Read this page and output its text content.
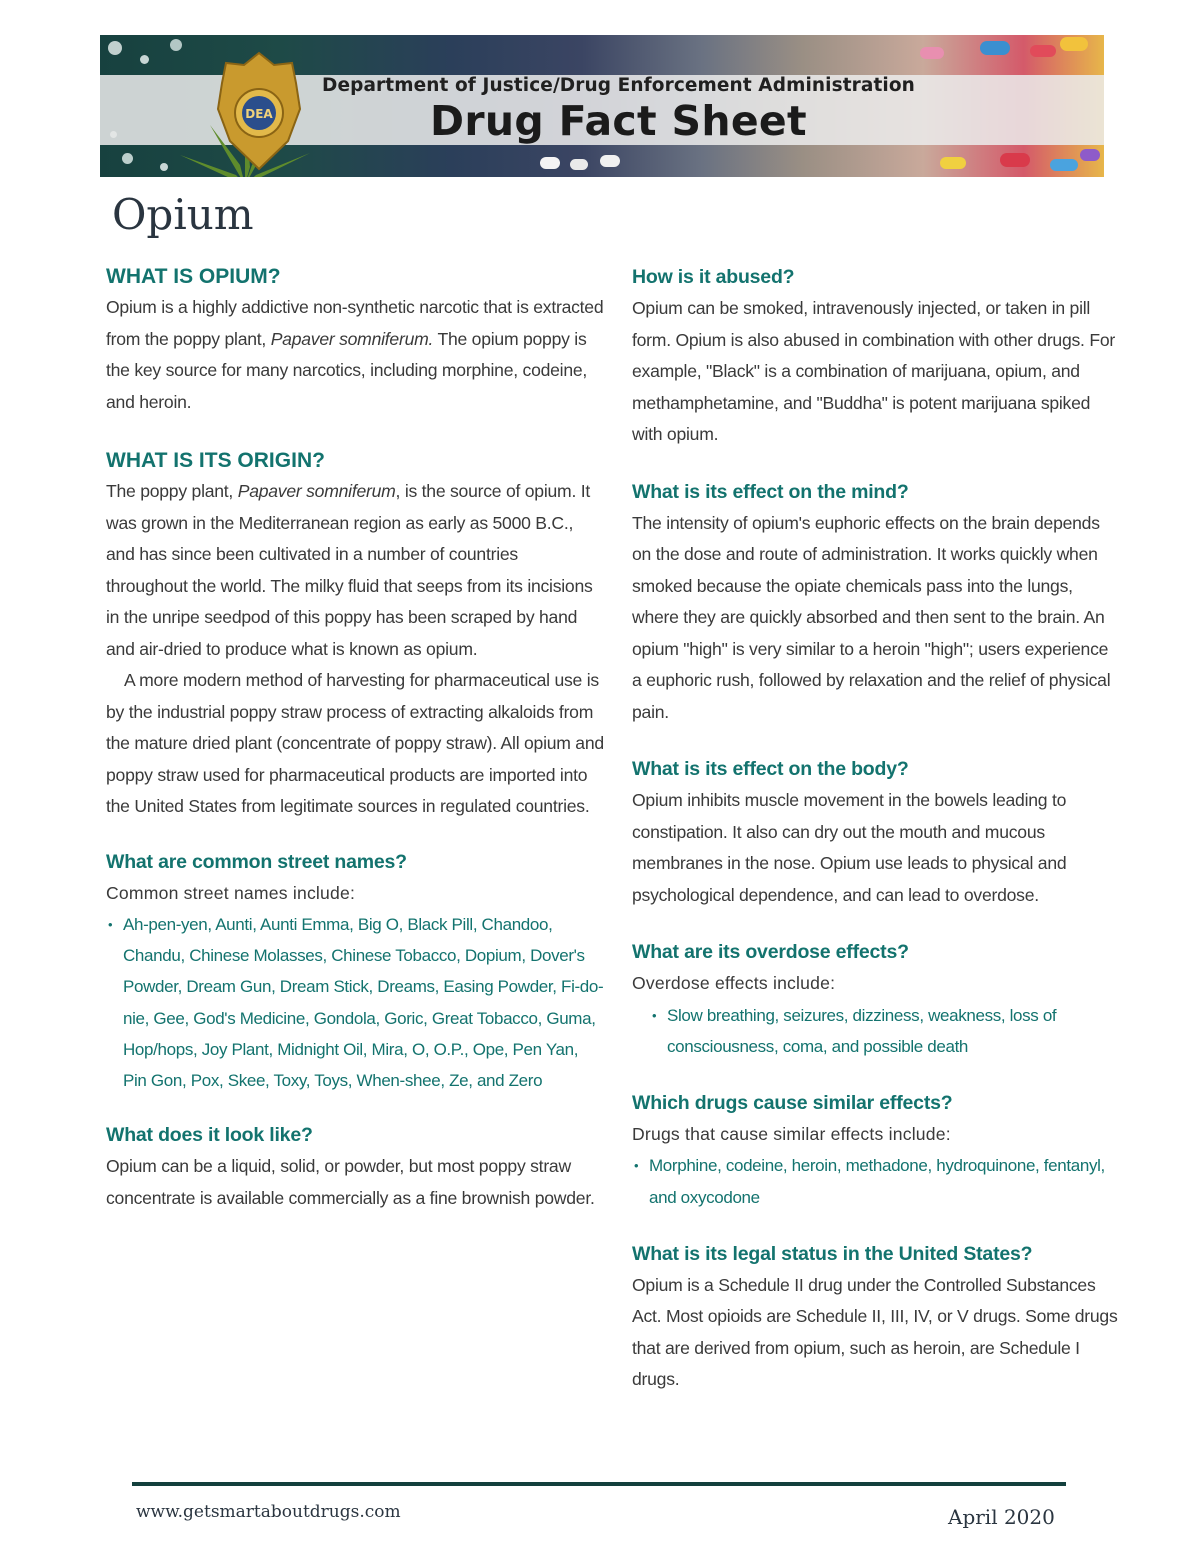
DEA
Department of Justice/Drug Enforcement Administration
Drug Fact Sheet
Opium
WHAT IS OPIUM?

Opium is a highly addictive non-synthetic narcotic that is extracted from the poppy plant, Papaver somniferum. The opium poppy is the key source for many narcotics, including morphine, codeine, and heroin.

WHAT IS ITS ORIGIN?

The poppy plant, Papaver somniferum, is the source of opium. It was grown in the Mediterranean region as early as 5000 B.C., and has since been cultivated in a number of countries throughout the world. The milky fluid that seeps from its incisions in the unripe seedpod of this poppy has been scraped by hand and air-dried to produce what is known as opium.

A more modern method of harvesting for pharmaceutical use is by the industrial poppy straw process of extracting alkaloids from the mature dried plant (concentrate of poppy straw). All opium and poppy straw used for pharmaceutical products are imported into the United States from legitimate sources in regulated countries.

What are common street names?

Common street names include:

• Ah-pen-yen, Aunti, Aunti Emma, Big O, Black Pill, Chandoo, Chandu, Chinese Molasses, Chinese Tobacco, Dopium, Dover's Powder, Dream Gun, Dream Stick, Dreams, Easing Powder, Fi-do-nie, Gee, God's Medicine, Gondola, Goric, Great Tobacco, Guma, Hop/hops, Joy Plant, Midnight Oil, Mira, O, O.P., Ope, Pen Yan, Pin Gon, Pox, Skee, Toxy, Toys, When-shee, Ze, and Zero
What does it look like?

Opium can be a liquid, solid, or powder, but most poppy straw concentrate is available commercially as a fine brownish powder.

How is it abused?

Opium can be smoked, intravenously injected, or taken in pill form. Opium is also abused in combination with other drugs. For example, "Black" is a combination of marijuana, opium, and methamphetamine, and "Buddha" is potent marijuana spiked with opium.

What is its effect on the mind?

The intensity of opium's euphoric effects on the brain depends on the dose and route of administration. It works quickly when smoked because the opiate chemicals pass into the lungs, where they are quickly absorbed and then sent to the brain. An opium "high" is very similar to a heroin "high"; users experience a euphoric rush, followed by relaxation and the relief of physical pain.

What is its effect on the body?

Opium inhibits muscle movement in the bowels leading to constipation. It also can dry out the mouth and mucous membranes in the nose. Opium use leads to physical and psychological dependence, and can lead to overdose.

What are its overdose effects?

Overdose effects include:

• Slow breathing, seizures, dizziness, weakness, loss of consciousness, coma, and possible death
Which drugs cause similar effects?

Drugs that cause similar effects include:

• Morphine, codeine, heroin, methadone, hydroquinone, fentanyl, and oxycodone
What is its legal status in the United States?

Opium is a Schedule II drug under the Controlled Substances Act. Most opioids are Schedule II, III, IV, or V drugs. Some drugs that are derived from opium, such as heroin, are Schedule I drugs.

www.getsmartaboutdrugs.com	April 2020
